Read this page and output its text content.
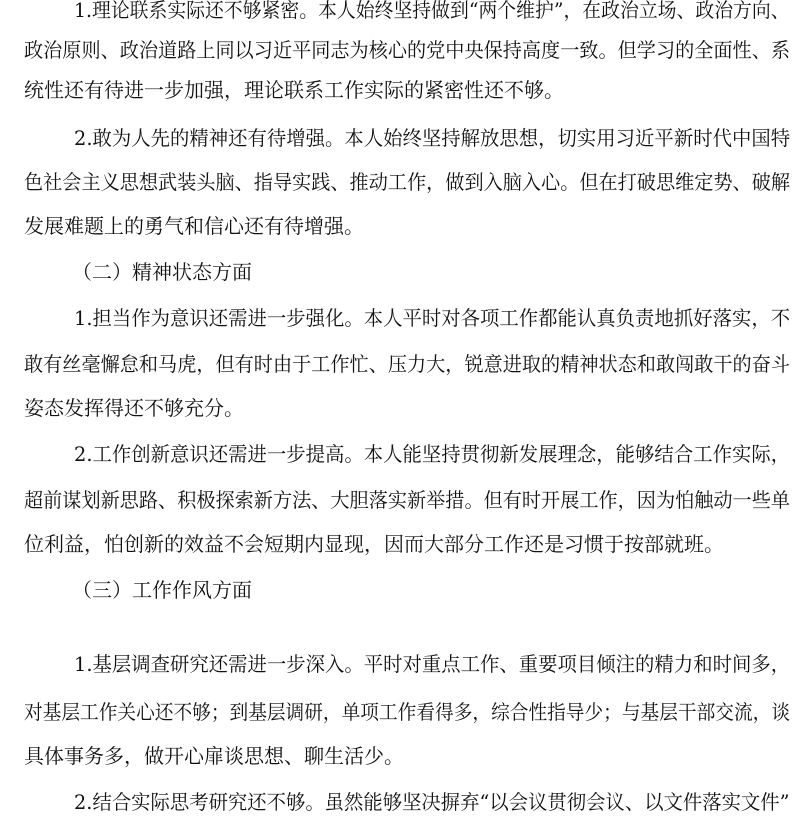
1.理论联系实际还不够紧密。本人始终坚持做到“两个维护”，在政治立场、政治方向、
政治原则、政治道路上同以习近平同志为核心的党中央保持高度一致。但学习的全面性、系
统性还有待进一步加强，理论联系工作实际的紧密性还不够。
2.敢为人先的精神还有待增强。本人始终坚持解放思想，切实用习近平新时代中国特
色社会主义思想武装头脑、指导实践、推动工作，做到入脑入心。但在打破思维定势、破解
发展难题上的勇气和信心还有待增强。
（二）精神状态方面
1.担当作为意识还需进一步强化。本人平时对各项工作都能认真负责地抓好落实，不
敢有丝毫懈怠和马虎，但有时由于工作忙、压力大，锐意进取的精神状态和敢闯敢干的奋斗
姿态发挥得还不够充分。
2.工作创新意识还需进一步提高。本人能坚持贯彻新发展理念，能够结合工作实际，
超前谋划新思路、积极探索新方法、大胆落实新举措。但有时开展工作，因为怕触动一些单
位利益，怕创新的效益不会短期内显现，因而大部分工作还是习惯于按部就班。
（三）工作作风方面
1.基层调查研究还需进一步深入。平时对重点工作、重要项目倾注的精力和时间多，
对基层工作关心还不够；到基层调研，单项工作看得多，综合性指导少；与基层干部交流，谈
具体事务多，做开心扉谈思想、聊生活少。
2.结合实际思考研究还不够。虽然能够坚决摒弃“以会议贯彻会议、以文件落实文件”
